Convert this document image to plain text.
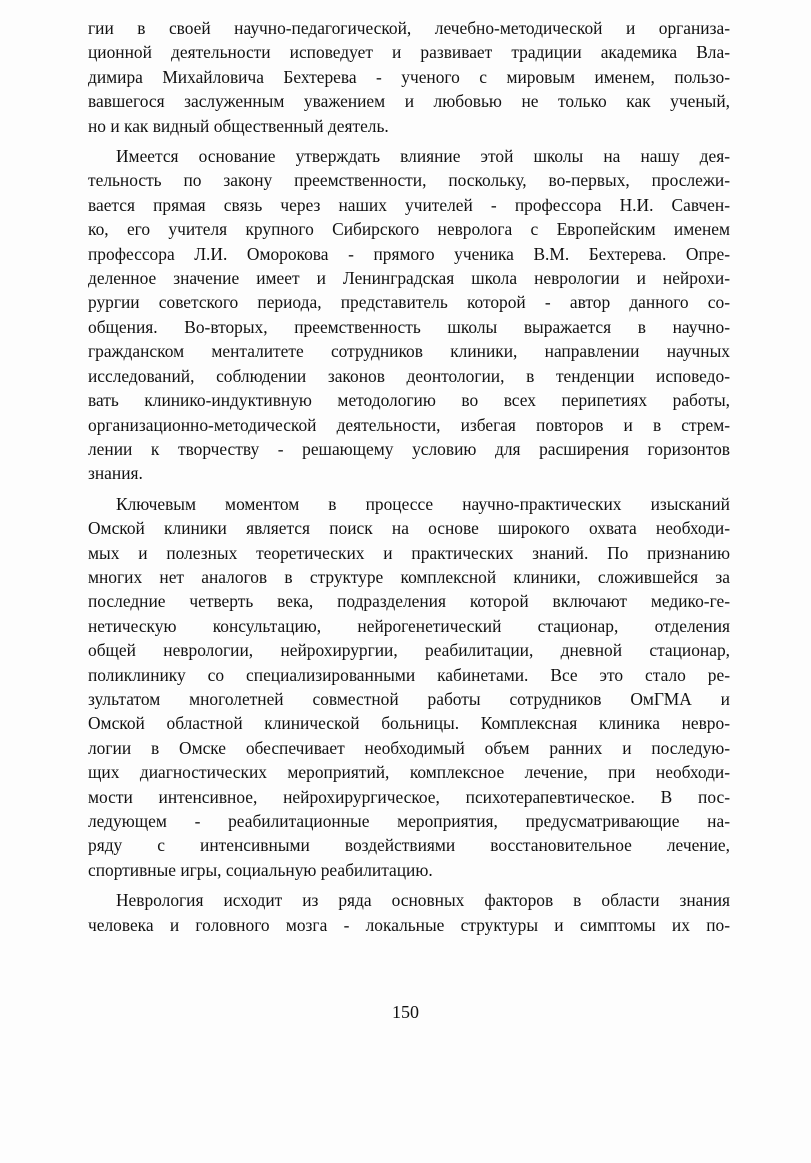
гии в своей научно-педагогической, лечебно-методической и организа-
ционной деятельности исповедует и развивает традиции академика Вла-
димира Михайловича Бехтерева - ученого с мировым именем, пользо-
вавшегося заслуженным уважением и любовью не только как ученый,
но и как видный общественный деятель.
Имеется основание утверждать влияние этой школы на нашу дея-
тельность по закону преемственности, поскольку, во-первых, прослежи-
вается прямая связь через наших учителей - профессора Н.И. Савчен-
ко, его учителя крупного Сибирского невролога с Европейским именем
профессора Л.И. Оморокова - прямого ученика В.М. Бехтерева. Опре-
деленное значение имеет и Ленинградская школа неврологии и нейрохи-
рургии советского периода, представитель которой - автор данного со-
общения. Во-вторых, преемственность школы выражается в научно-
гражданском менталитете сотрудников клиники, направлении научных
исследований, соблюдении законов деонтологии, в тенденции исповедо-
вать клинико-индуктивную методологию во всех перипетиях работы,
организационно-методической деятельности, избегая повторов и в стрем-
лении к творчеству - решающему условию для расширения горизонтов
знания.
Ключевым моментом в процессе научно-практических изысканий
Омской клиники является поиск на основе широкого охвата необходи-
мых и полезных теоретических и практических знаний. По признанию
многих нет аналогов в структуре комплексной клиники, сложившейся за
последние четверть века, подразделения которой включают медико-ге-
нетическую консультацию, нейрогенетический стационар, отделения
общей неврологии, нейрохирургии, реабилитации, дневной стационар,
поликлинику со специализированными кабинетами. Все это стало ре-
зультатом многолетней совместной работы сотрудников ОмГМА и
Омской областной клинической больницы. Комплексная клиника невро-
логии в Омске обеспечивает необходимый объем ранних и последую-
щих диагностических мероприятий, комплексное лечение, при необходи-
мости интенсивное, нейрохирургическое, психотерапевтическое. В пос-
ледующем - реабилитационные мероприятия, предусматривающие на-
ряду с интенсивными воздействиями восстановительное лечение,
спортивные игры, социальную реабилитацию.
Неврология исходит из ряда основных факторов в области знания
человека и головного мозга - локальные структуры и симптомы их по-
150
